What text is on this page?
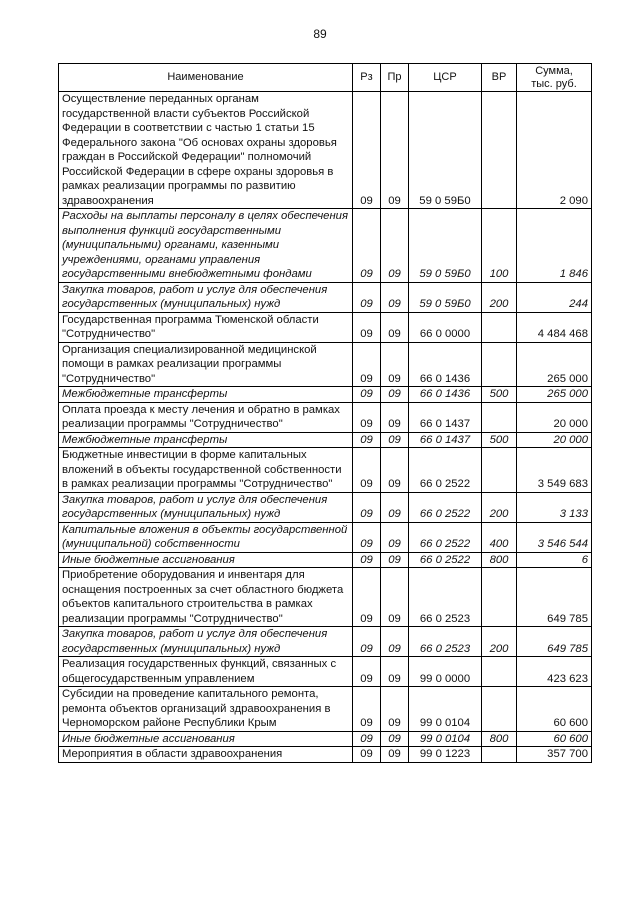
89
Наименование	Рз	Пр	ЦСР	ВР	Сумма,
тыс. руб.
Осуществление переданных органам государственной власти субъектов Российской Федерации в соответствии с частью 1 статьи 15 Федерального закона "Об основах охраны здоровья граждан в Российской Федерации" полномочий Российской Федерации в сфере охраны здоровья в рамках реализации программы по развитию здравоохранения	09	09	59 0 59Б0		2 090
Расходы на выплаты персоналу в целях обеспечения выполнения функций государственными (муниципальными) органами, казенными учреждениями, органами управления государственными внебюджетными фондами	09	09	59 0 59Б0	100	1 846
Закупка товаров, работ и услуг для обеспечения государственных (муниципальных) нужд	09	09	59 0 59Б0	200	244
Государственная программа Тюменской области "Сотрудничество"	09	09	66 0 0000		4 484 468
Организация специализированной медицинской помощи в рамках реализации программы "Сотрудничество"	09	09	66 0 1436		265 000
Межбюджетные трансферты	09	09	66 0 1436	500	265 000
Оплата проезда к месту лечения и обратно в рамках реализации программы "Сотрудничество"	09	09	66 0 1437		20 000
Межбюджетные трансферты	09	09	66 0 1437	500	20 000
Бюджетные инвестиции в форме капитальных вложений в объекты государственной собственности в рамках реализации программы "Сотрудничество"	09	09	66 0 2522		3 549 683
Закупка товаров, работ и услуг для обеспечения государственных (муниципальных) нужд	09	09	66 0 2522	200	3 133
Капитальные вложения в объекты государственной (муниципальной) собственности	09	09	66 0 2522	400	3 546 544
Иные бюджетные ассигнования	09	09	66 0 2522	800	6
Приобретение оборудования и инвентаря для оснащения построенных за счет областного бюджета объектов капитального строительства в рамках реализации программы "Сотрудничество"	09	09	66 0 2523		649 785
Закупка товаров, работ и услуг для обеспечения государственных (муниципальных) нужд	09	09	66 0 2523	200	649 785
Реализация государственных функций, связанных с общегосударственным управлением	09	09	99 0 0000		423 623
Субсидии на проведение капитального ремонта, ремонта объектов организаций здравоохранения в Черноморском районе Республики Крым	09	09	99 0 0104		60 600
Иные бюджетные ассигнования	09	09	99 0 0104	800	60 600
Мероприятия в области здравоохранения	09	09	99 0 1223		357 700
